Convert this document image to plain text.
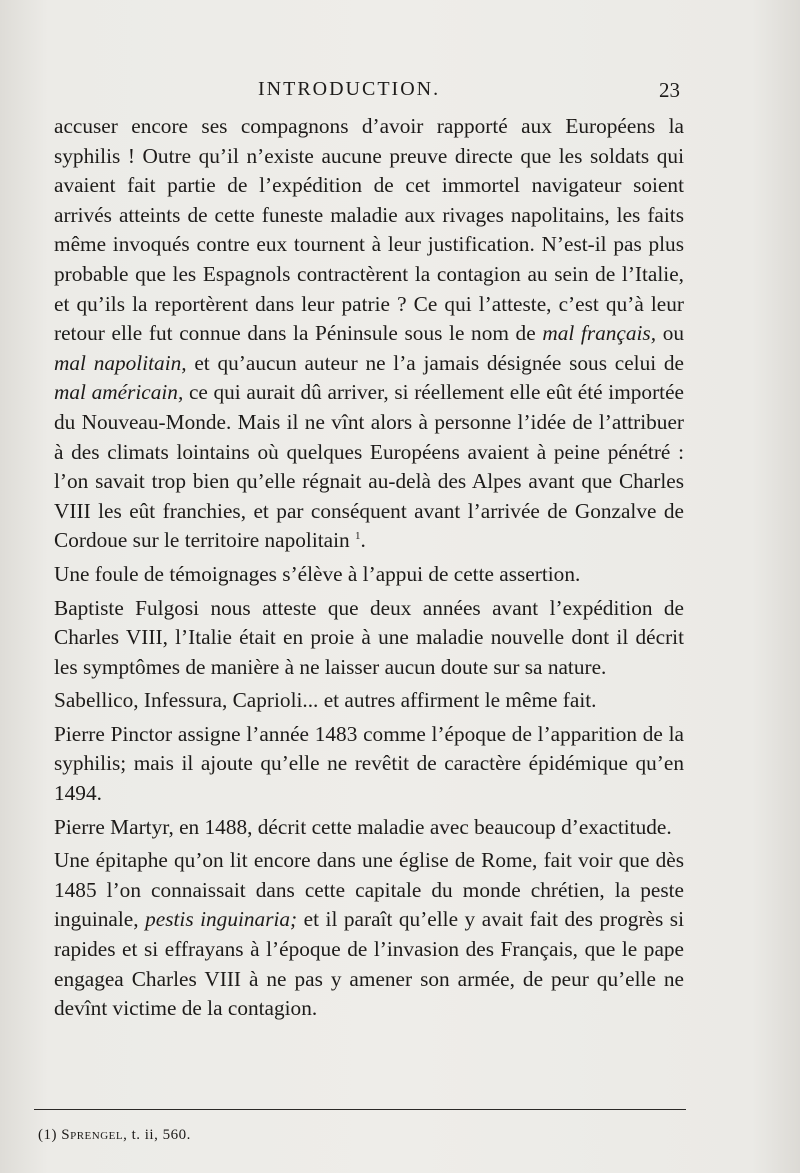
INTRODUCTION.	23

accuser encore ses compagnons d’avoir rapporté aux Européens la syphilis ! Outre qu’il n’existe aucune preuve directe que les soldats qui avaient fait partie de l’expédition de cet immortel navigateur soient arrivés atteints de cette funeste maladie aux rivages napolitains, les faits même invoqués contre eux tournent à leur justification. N’est-il pas plus probable que les Espagnols contractèrent la contagion au sein de l’Italie, et qu’ils la reportèrent dans leur patrie ? Ce qui l’atteste, c’est qu’à leur retour elle fut connue dans la Péninsule sous le nom de mal français, ou mal napolitain, et qu’aucun auteur ne l’a jamais désignée sous celui de mal américain, ce qui aurait dû arriver, si réellement elle eût été importée du Nouveau-Monde. Mais il ne vînt alors à personne l’idée de l’attribuer à des climats lointains où quelques Européens avaient à peine pénétré : l’on savait trop bien qu’elle régnait au-delà des Alpes avant que Charles VIII les eût franchies, et par conséquent avant l’arrivée de Gonzalve de Cordoue sur le territoire napolitain $^1$.

Une foule de témoignages s’élève à l’appui de cette assertion.

Baptiste Fulgosi nous atteste que deux années avant l’expédition de Charles VIII, l’Italie était en proie à une maladie nouvelle dont il décrit les symptômes de manière à ne laisser aucun doute sur sa nature.

Sabellico, Infessura, Caprioli... et autres affirment le même fait.

Pierre Pinctor assigne l’année 1483 comme l’époque de l’apparition de la syphilis; mais il ajoute qu’elle ne revêtit de caractère épidémique qu’en 1494.

Pierre Martyr, en 1488, décrit cette maladie avec beaucoup d’exactitude.

Une épitaphe qu’on lit encore dans une église de Rome, fait voir que dès 1485 l’on connaissait dans cette capitale du monde chrétien, la peste inguinale, pestis inguinaria; et il paraît qu’elle y avait fait des progrès si rapides et si effrayans à l’époque de l’invasion des Français, que le pape engagea Charles VIII à ne pas y amener son armée, de peur qu’elle ne devînt victime de la contagion.

(1) Sprengel, t. ii, 560.
